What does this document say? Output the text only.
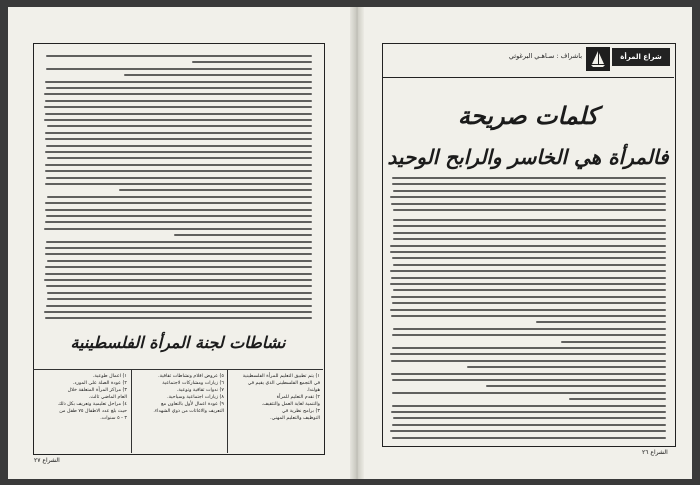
نشاطات لجنة المرأة الفلسطينية
١) اعمال طوعية.
٢) عودة الصلة على المورد.
٣) مراكز المرأة المتعلقة خلال
العام الماضي ثالث.
٤) مراحل تعليمية وتعريف بكل ذلك
حيث بلغ عدد الاطفال ٧٥ طفل من
٣ - ٥ سنوات.
٥) عروض افلام ونشاطات ثقافية.
٦) زيارات ومشاركات لاجتماعية
٧) ندوات ثقافية وتوعية.
٨) زيارات اجتماعية وسياحية.
٩) عودة اعمال لأول بالتعاون مع
التعريف والاغاثات من ذوي الشهداء.
١) يتم تطبيق التعليم للمرأة الفلسطينية
في التجمع الفلسطيني الذي يقيم في
هولندا.
٢) تقدم التعليم للمرأة
والتنمية لغاية العمل والتثقيف.
٣) برامج نظرية في
التوظيف والتعليم المهني.
الشراع ٢٧
شراع المرأة
باشراف : سـاهـي البرغوثي
كلمات صريحة
فالمرأة هي الخاسر والرابح الوحيد
الشراع ٢٦
